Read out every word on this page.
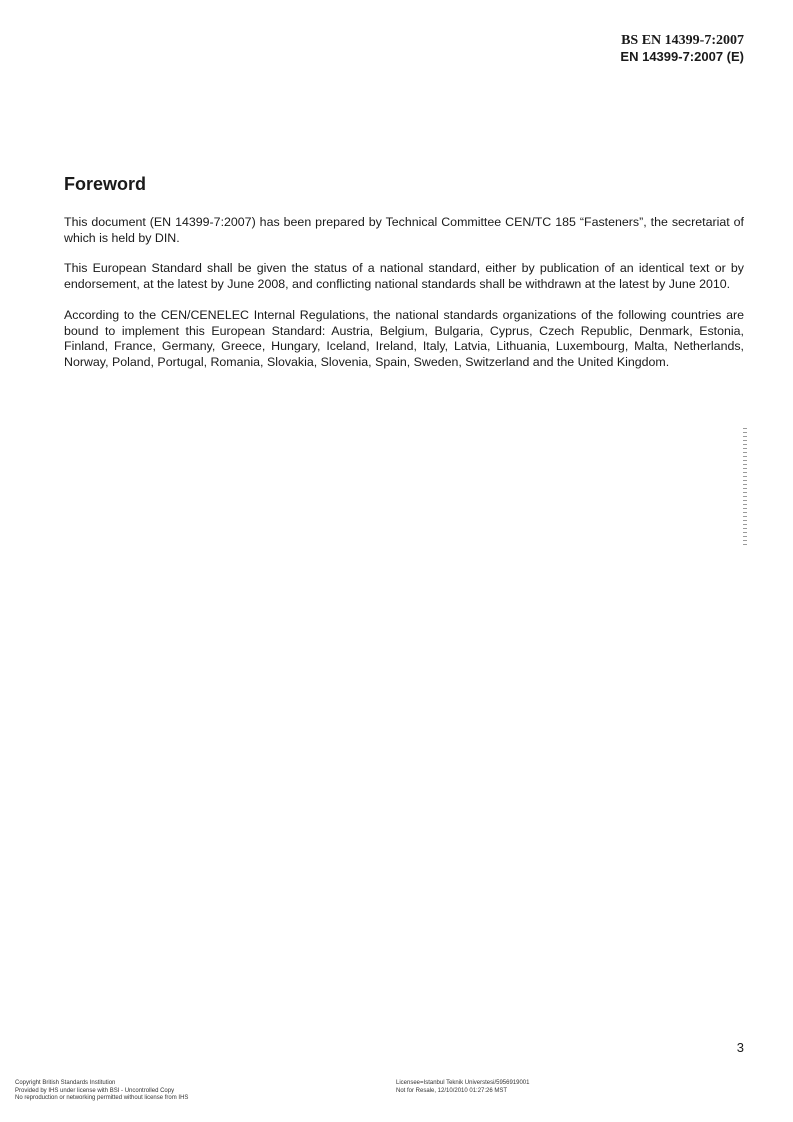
BS EN 14399-7:2007
EN 14399-7:2007 (E)
Foreword

This document (EN 14399-7:2007) has been prepared by Technical Committee CEN/TC 185 “Fasteners”, the secretariat of which is held by DIN.

This European Standard shall be given the status of a national standard, either by publication of an identical text or by endorsement, at the latest by June 2008, and conflicting national standards shall be withdrawn at the latest by June 2010.

According to the CEN/CENELEC Internal Regulations, the national standards organizations of the following countries are bound to implement this European Standard: Austria, Belgium, Bulgaria, Cyprus, Czech Republic, Denmark, Estonia, Finland, France, Germany, Greece, Hungary, Iceland, Ireland, Italy, Latvia, Lithuania, Luxembourg, Malta, Netherlands, Norway, Poland, Portugal, Romania, Slovakia, Slovenia, Spain, Sweden, Switzerland and the United Kingdom.

3
Copyright British Standards Institution
Provided by IHS under license with BSI - Uncontrolled Copy
No reproduction or networking permitted without license from IHS
Licensee=Istanbul Teknik Universtesi/5956919001
Not for Resale, 12/10/2010 01:27:26 MST
